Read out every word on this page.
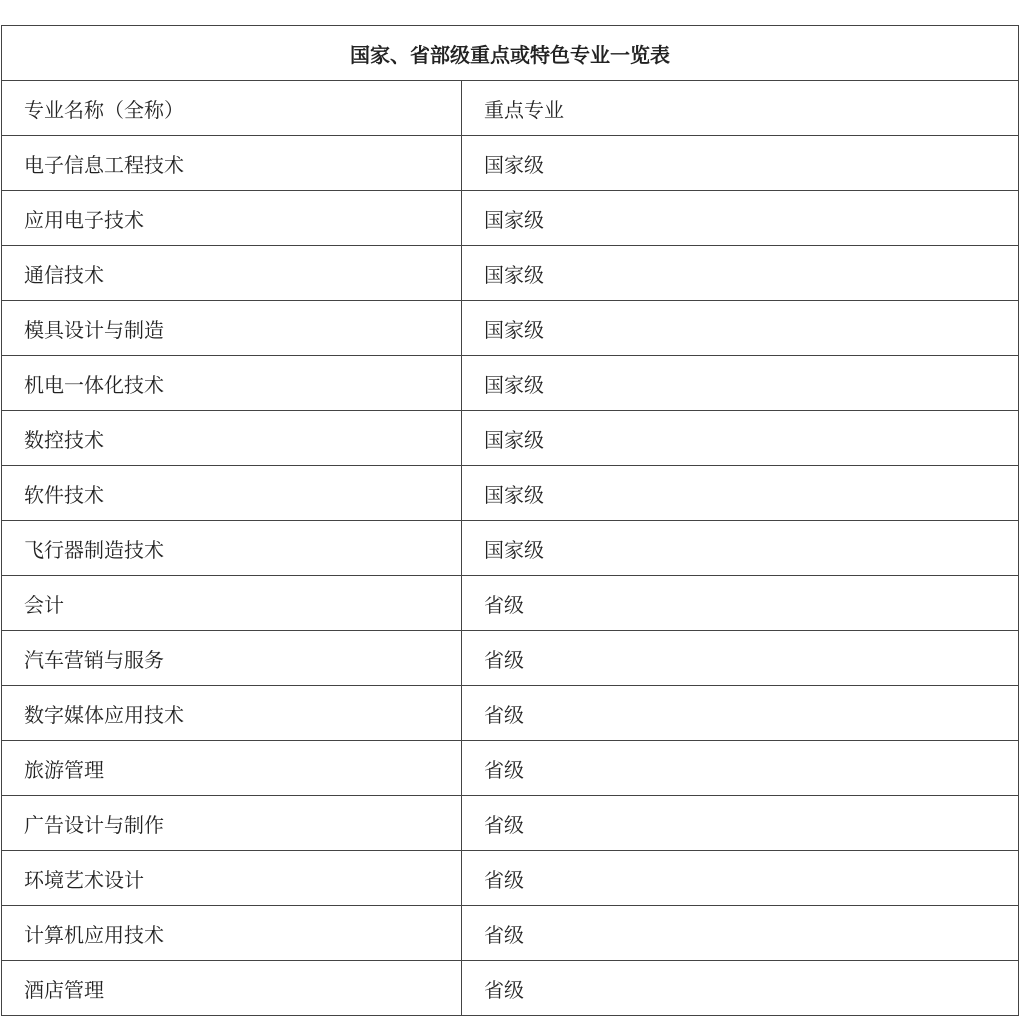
国家、省部级重点或特色专业一览表	
专业名称（全称）	重点专业
电子信息工程技术	国家级
应用电子技术	国家级
通信技术	国家级
模具设计与制造	国家级
机电一体化技术	国家级
数控技术	国家级
软件技术	国家级
飞行器制造技术	国家级
会计	省级
汽车营销与服务	省级
数字媒体应用技术	省级
旅游管理	省级
广告设计与制作	省级
环境艺术设计	省级
计算机应用技术	省级
酒店管理	省级
